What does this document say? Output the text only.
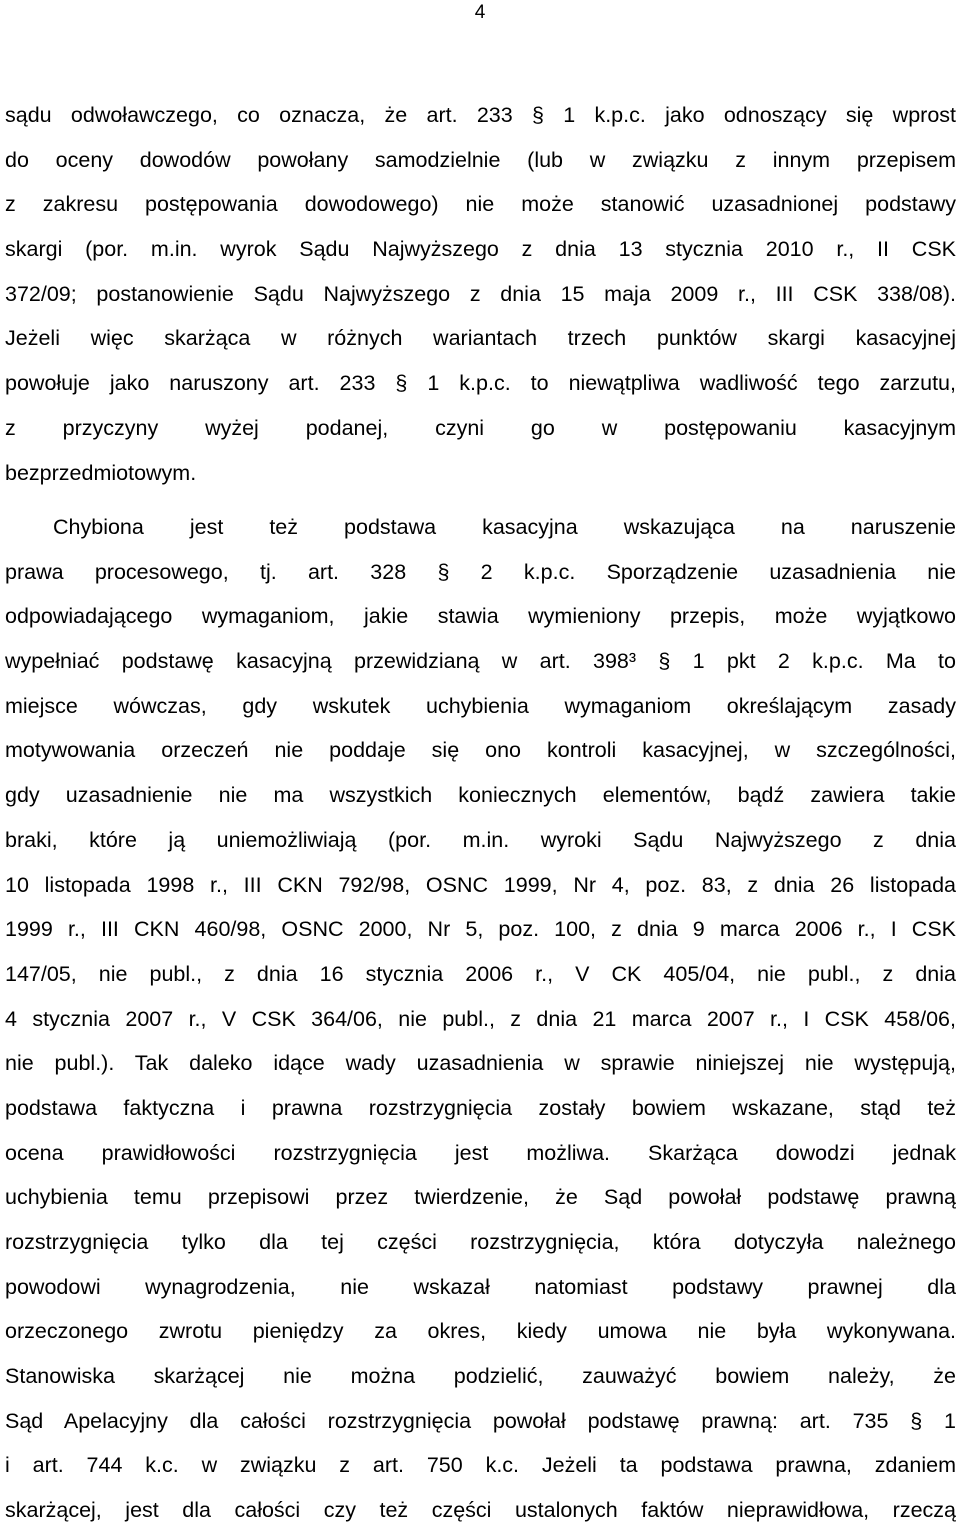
4
sądu odwoławczego, co oznacza, że art. 233 § 1 k.p.c. jako odnoszący się wprost
do oceny dowodów powołany samodzielnie (lub w związku z innym przepisem
z zakresu postępowania dowodowego) nie może stanowić uzasadnionej podstawy
skargi (por. m.in. wyrok Sądu Najwyższego z dnia 13 stycznia 2010 r., II CSK
372/09; postanowienie Sądu Najwyższego z dnia 15 maja 2009 r., III CSK 338/08).
Jeżeli więc skarżąca w różnych wariantach trzech punktów skargi kasacyjnej
powołuje jako naruszony art. 233 § 1 k.p.c. to niewątpliwa wadliwość tego zarzutu,
z przyczyny wyżej podanej, czyni go w postępowaniu kasacyjnym
bezprzedmiotowym.
Chybiona jest też podstawa kasacyjna wskazująca na naruszenie
prawa procesowego, tj. art. 328 § 2 k.p.c. Sporządzenie uzasadnienia nie
odpowiadającego wymaganiom, jakie stawia wymieniony przepis, może wyjątkowo
wypełniać podstawę kasacyjną przewidzianą w art. 398³ § 1 pkt 2 k.p.c. Ma to
miejsce wówczas, gdy wskutek uchybienia wymaganiom określającym zasady
motywowania orzeczeń nie poddaje się ono kontroli kasacyjnej, w szczególności,
gdy uzasadnienie nie ma wszystkich koniecznych elementów, bądź zawiera takie
braki, które ją uniemożliwiają (por. m.in. wyroki Sądu Najwyższego z dnia
10 listopada 1998 r., III CKN 792/98, OSNC 1999, Nr 4, poz. 83, z dnia 26 listopada
1999 r., III CKN 460/98, OSNC 2000, Nr 5, poz. 100, z dnia 9 marca 2006 r., I CSK
147/05, nie publ., z dnia 16 stycznia 2006 r., V CK 405/04, nie publ., z dnia
4 stycznia 2007 r., V CSK 364/06, nie publ., z dnia 21 marca 2007 r., I CSK 458/06,
nie publ.). Tak daleko idące wady uzasadnienia w sprawie niniejszej nie występują,
podstawa faktyczna i prawna rozstrzygnięcia zostały bowiem wskazane, stąd też
ocena prawidłowości rozstrzygnięcia jest możliwa. Skarżąca dowodzi jednak
uchybienia temu przepisowi przez twierdzenie, że Sąd powołał podstawę prawną
rozstrzygnięcia tylko dla tej części rozstrzygnięcia, która dotyczyła należnego
powodowi wynagrodzenia, nie wskazał natomiast podstawy prawnej dla
orzeczonego zwrotu pieniędzy za okres, kiedy umowa nie była wykonywana.
Stanowiska skarżącej nie można podzielić, zauważyć bowiem należy, że
Sąd Apelacyjny dla całości rozstrzygnięcia powołał podstawę prawną: art. 735 § 1
i art. 744 k.c. w związku z art. 750 k.c. Jeżeli ta podstawa prawna, zdaniem
skarżącej, jest dla całości czy też części ustalonych faktów nieprawidłowa, rzeczą
